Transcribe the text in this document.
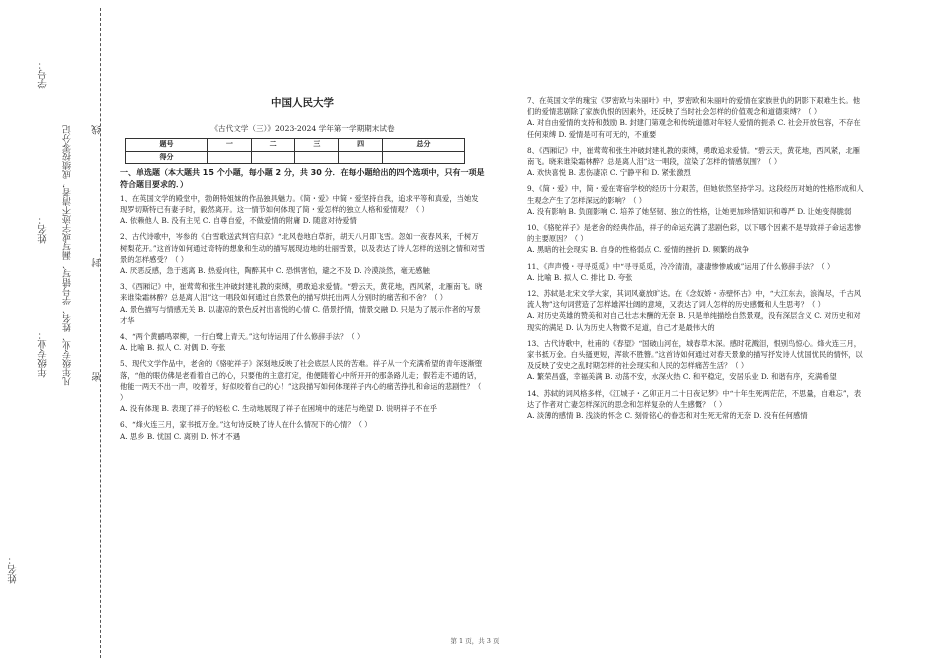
姓名：
年级专业：
姓名：
学号：
凡年级专业、姓名、学号错写、漏写或字迹不清者，成绩按零分记 密
封
线
中国人民大学
《古代文学（三）》2023-2024 学年第一学期期末试卷
题号	一	二	三	四	总分
得分					
一、单选题（本大题共 15 个小题，每小题 2 分，共 30 分．在每小题给出的四个选项中，只有一项是符合题目要求的．）
1、在英国文学的殿堂中，勃朗特姐妹的作品独具魅力。《简・爱》中简・爱坚持自我，追求平等和真爱，当她发现罗切斯特已有妻子时，毅然离开。这一情节如何体现了简・爱怎样的独立人格和爱情观？（ ）
A. 依赖他人 B. 没有主见 C. 自尊自爱，不做爱情的附庸 D. 随意对待爱情
2、古代诗歌中，岑参的《白雪歌送武判官归京》“北风卷地白草折，胡天八月即飞雪。忽如一夜春风来，千树万树梨花开。”这首诗如何通过奇特的想象和生动的描写展现边地的壮丽雪景，以及表达了诗人怎样的送别之情和对雪景的怎样感受？（ ）
A. 厌恶反感，急于逃离 B. 热爱向往，陶醉其中 C. 恐惧害怕，避之不及 D. 冷漠淡然，毫无感触
3、《西厢记》中，崔莺莺和张生冲破封建礼教的束缚，勇敢追求爱情。“碧云天，黄花地，西风紧，北雁南飞。晓来谁染霜林醉？总是离人泪”这一唱段如何通过自然景色的描写烘托出两人分别时的痛苦和不舍？（ ）
A. 景色描写与情感无关 B. 以凄凉的景色反衬出喜悦的心情 C. 借景抒情，情景交融 D. 只是为了展示作者的写景才华
4、“两个黄鹂鸣翠柳，一行白鹭上青天。”这句诗运用了什么修辞手法？（ ）
A. 比喻 B. 拟人 C. 对偶 D. 夸张
5、现代文学作品中，老舍的《骆驼祥子》深刻地反映了社会底层人民的苦难。祥子从一个充满希望的青年逐渐堕落，“他的眼仿佛是老看着自己的心，只要他的主意打定，他便随着心中所开开的那条路儿走；假若走不通的话，他能一两天不出一声，咬着牙，好似咬着自己的心！”这段描写如何体现祥子内心的痛苦挣扎和命运的悲剧性？（ ）
A. 没有体现 B. 表现了祥子的轻松 C. 生动地展现了祥子在困境中的迷茫与绝望 D. 说明祥子不在乎
6、“烽火连三月，家书抵万金。”这句诗反映了诗人在什么情况下的心情？（ ）
A. 思乡 B. 忧国 C. 离别 D. 怀才不遇
7、在英国文学的瑰宝《罗密欧与朱丽叶》中，罗密欧和朱丽叶的爱情在家族世仇的阴影下艰难生长。他们的爱情悲剧除了家族仇恨的因素外，还反映了当时社会怎样的价值观念和道德束缚？（ ）
A. 对自由爱情的支持和鼓励 B. 封建门第观念和传统道德对年轻人爱情的扼杀 C. 社会开放包容，不存在任何束缚 D. 爱情是可有可无的，不重要
8、《西厢记》中，崔莺莺和张生冲破封建礼教的束缚，勇敢追求爱情。“碧云天，黄花地，西风紧，北雁南飞。晓来谁染霜林醉？总是离人泪”这一唱段，渲染了怎样的情感氛围？（ ）
A. 欢快喜悦 B. 悲伤凄凉 C. 宁静平和 D. 紧张激烈
9、《简・爱》中，简・爱在寄宿学校的经历十分艰苦，但她依然坚持学习。这段经历对她的性格形成和人生观念产生了怎样深远的影响？（ ）
A. 没有影响 B. 负面影响 C. 培养了她坚韧、独立的性格，让她更加珍惜知识和尊严 D. 让她变得脆弱
10、《骆驼祥子》是老舍的经典作品，祥子的命运充满了悲剧色彩，以下哪个因素不是导致祥子命运悲惨的主要原因？（ ）
A. 黑暗的社会现实 B. 自身的性格弱点 C. 爱情的挫折 D. 频繁的战争
11、《声声慢・寻寻觅觅》中“寻寻觅觅，冷冷清清，凄凄惨惨戚戚”运用了什么修辞手法？（ ）
A. 比喻 B. 拟人 C. 排比 D. 夸张
12、苏轼是北宋文学大家，其词风豪放旷达。在《念奴娇・赤壁怀古》中，“大江东去，浪淘尽，千古风流人物”这句词营造了怎样雄浑壮阔的意境，又表达了词人怎样的历史感慨和人生思考？（ ）
A. 对历史英雄的赞美和对自己壮志未酬的无奈 B. 只是单纯描绘自然景观，没有深层含义 C. 对历史和对现实的满足 D. 认为历史人物微不足道，自己才是最伟大的
13、古代诗歌中，杜甫的《春望》“国破山河在，城春草木深。感时花溅泪，恨别鸟惊心。烽火连三月，家书抵万金。白头搔更短，浑欲不胜簪。”这首诗如何通过对春天景象的描写抒发诗人忧国忧民的情怀，以及反映了安史之乱时期怎样的社会现实和人民的怎样痛苦生活？（ ）
A. 繁荣昌盛，幸福美满 B. 动荡不安，水深火热 C. 和平稳定，安居乐业 D. 和谐有序，充满希望
14、苏轼的词风格多样，《江城子・乙卯正月二十日夜记梦》中“十年生死两茫茫，不思量，自难忘”，表达了作者对亡妻怎样深沉的思念和怎样复杂的人生感慨？（ ）
A. 淡薄的感情 B. 浅淡的怀念 C. 刻骨铭心的眷恋和对生死无常的无奈 D. 没有任何感情
第 1 页，共 3 页
